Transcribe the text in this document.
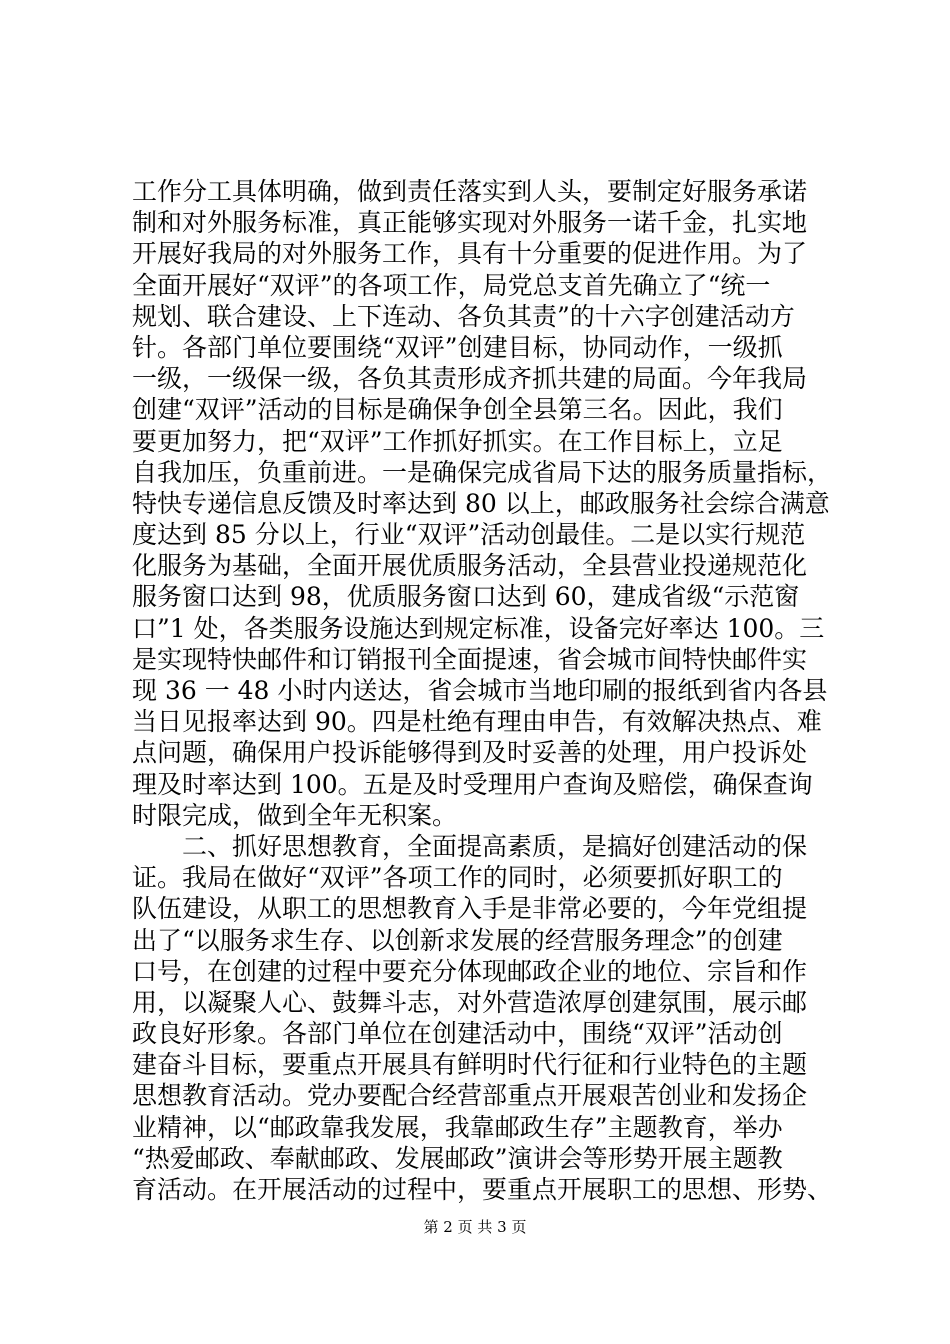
工作分工具体明确，做到责任落实到人头，要制定好服务承诺
制和对外服务标准，真正能够实现对外服务一诺千金，扎实地
开展好我局的对外服务工作，具有十分重要的促进作用。为了
全面开展好“双评”的各项工作，局党总支首先确立了“统一
规划、联合建设、上下连动、各负其责”的十六字创建活动方
针。各部门单位要围绕“双评”创建目标，协同动作，一级抓
一级，一级保一级，各负其责形成齐抓共建的局面。今年我局
创建“双评”活动的目标是确保争创全县第三名。因此，我们
要更加努力，把“双评”工作抓好抓实。在工作目标上，立足
自我加压，负重前进。一是确保完成省局下达的服务质量指标，
特快专递信息反馈及时率达到 80 以上，邮政服务社会综合满意
度达到 85 分以上，行业“双评”活动创最佳。二是以实行规范
化服务为基础，全面开展优质服务活动，全县营业投递规范化
服务窗口达到 98，优质服务窗口达到 60，建成省级“示范窗
口”1 处，各类服务设施达到规定标准，设备完好率达 100。三
是实现特快邮件和订销报刊全面提速，省会城市间特快邮件实
现 36 一 48 小时内送达，省会城市当地印刷的报纸到省内各县
当日见报率达到 90。四是杜绝有理由申告，有效解决热点、难
点问题，确保用户投诉能够得到及时妥善的处理，用户投诉处
理及时率达到 100。五是及时受理用户查询及赔偿，确保查询
时限完成，做到全年无积案。
　　二、抓好思想教育，全面提高素质，是搞好创建活动的保
证。我局在做好“双评”各项工作的同时，必须要抓好职工的
队伍建设，从职工的思想教育入手是非常必要的，今年党组提
出了“以服务求生存、以创新求发展的经营服务理念”的创建
口号，在创建的过程中要充分体现邮政企业的地位、宗旨和作
用，以凝聚人心、鼓舞斗志，对外营造浓厚创建氛围，展示邮
政良好形象。各部门单位在创建活动中，围绕“双评”活动创
建奋斗目标，要重点开展具有鲜明时代行征和行业特色的主题
思想教育活动。党办要配合经营部重点开展艰苦创业和发扬企
业精神，以“邮政靠我发展，我靠邮政生存”主题教育，举办
“热爱邮政、奉献邮政、发展邮政”演讲会等形势开展主题教
育活动。在开展活动的过程中，要重点开展职工的思想、形势、
第 2 页 共 3 页
